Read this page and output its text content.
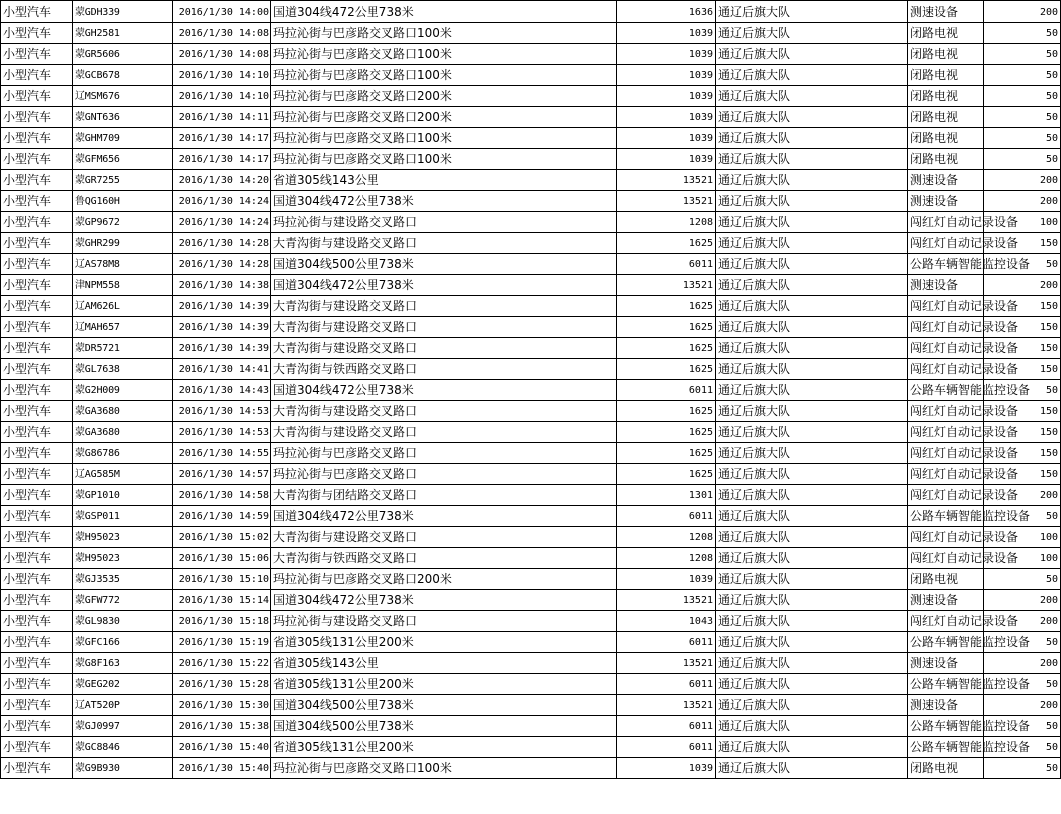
小型汽车	蒙GDH339	2016/1/30 14:00	国道304线472公里738米	1636	通辽后旗大队	测速设备	200	
小型汽车	蒙GH2581	2016/1/30 14:08	玛拉沁街与巴彦路交叉路口100米	1039	通辽后旗大队	闭路电视	50	
小型汽车	蒙GR5606	2016/1/30 14:08	玛拉沁街与巴彦路交叉路口100米	1039	通辽后旗大队	闭路电视	50	
小型汽车	蒙GCB678	2016/1/30 14:10	玛拉沁街与巴彦路交叉路口100米	1039	通辽后旗大队	闭路电视	50	
小型汽车	辽MSM676	2016/1/30 14:10	玛拉沁街与巴彦路交叉路口200米	1039	通辽后旗大队	闭路电视	50	
小型汽车	蒙GNT636	2016/1/30 14:11	玛拉沁街与巴彦路交叉路口200米	1039	通辽后旗大队	闭路电视	50	
小型汽车	蒙GHM709	2016/1/30 14:17	玛拉沁街与巴彦路交叉路口100米	1039	通辽后旗大队	闭路电视	50	
小型汽车	蒙GFM656	2016/1/30 14:17	玛拉沁街与巴彦路交叉路口100米	1039	通辽后旗大队	闭路电视	50	
小型汽车	蒙GR7255	2016/1/30 14:20	省道305线143公里	13521	通辽后旗大队	测速设备	200	
小型汽车	鲁QG160H	2016/1/30 14:24	国道304线472公里738米	13521	通辽后旗大队	测速设备	200	
小型汽车	蒙GP9672	2016/1/30 14:24	玛拉沁街与建设路交叉路口	1208	通辽后旗大队	闯红灯自动记录设备	100	
小型汽车	蒙GHR299	2016/1/30 14:28	大青沟街与建设路交叉路口	1625	通辽后旗大队	闯红灯自动记录设备	150	
小型汽车	辽AS78M8	2016/1/30 14:28	国道304线500公里738米	6011	通辽后旗大队	公路车辆智能监控设备	50	
小型汽车	津NPM558	2016/1/30 14:38	国道304线472公里738米	13521	通辽后旗大队	测速设备	200	
小型汽车	辽AM626L	2016/1/30 14:39	大青沟街与建设路交叉路口	1625	通辽后旗大队	闯红灯自动记录设备	150	
小型汽车	辽MAH657	2016/1/30 14:39	大青沟街与建设路交叉路口	1625	通辽后旗大队	闯红灯自动记录设备	150	
小型汽车	蒙DR5721	2016/1/30 14:39	大青沟街与建设路交叉路口	1625	通辽后旗大队	闯红灯自动记录设备	150	
小型汽车	蒙GL7638	2016/1/30 14:41	大青沟街与铁西路交叉路口	1625	通辽后旗大队	闯红灯自动记录设备	150	
小型汽车	蒙G2H009	2016/1/30 14:43	国道304线472公里738米	6011	通辽后旗大队	公路车辆智能监控设备	50	
小型汽车	蒙GA3680	2016/1/30 14:53	大青沟街与建设路交叉路口	1625	通辽后旗大队	闯红灯自动记录设备	150	
小型汽车	蒙GA3680	2016/1/30 14:53	大青沟街与建设路交叉路口	1625	通辽后旗大队	闯红灯自动记录设备	150	
小型汽车	蒙G86786	2016/1/30 14:55	玛拉沁街与巴彦路交叉路口	1625	通辽后旗大队	闯红灯自动记录设备	150	
小型汽车	辽AG585M	2016/1/30 14:57	玛拉沁街与巴彦路交叉路口	1625	通辽后旗大队	闯红灯自动记录设备	150	
小型汽车	蒙GP1010	2016/1/30 14:58	大青沟街与团结路交叉路口	1301	通辽后旗大队	闯红灯自动记录设备	200	
小型汽车	蒙GSP011	2016/1/30 14:59	国道304线472公里738米	6011	通辽后旗大队	公路车辆智能监控设备	50	
小型汽车	蒙H95023	2016/1/30 15:02	大青沟街与建设路交叉路口	1208	通辽后旗大队	闯红灯自动记录设备	100	
小型汽车	蒙H95023	2016/1/30 15:06	大青沟街与铁西路交叉路口	1208	通辽后旗大队	闯红灯自动记录设备	100	
小型汽车	蒙GJ3535	2016/1/30 15:10	玛拉沁街与巴彦路交叉路口200米	1039	通辽后旗大队	闭路电视	50	
小型汽车	蒙GFW772	2016/1/30 15:14	国道304线472公里738米	13521	通辽后旗大队	测速设备	200	
小型汽车	蒙GL9830	2016/1/30 15:18	玛拉沁街与建设路交叉路口	1043	通辽后旗大队	闯红灯自动记录设备	200	
小型汽车	蒙GFC166	2016/1/30 15:19	省道305线131公里200米	6011	通辽后旗大队	公路车辆智能监控设备	50	
小型汽车	蒙G8F163	2016/1/30 15:22	省道305线143公里	13521	通辽后旗大队	测速设备	200	
小型汽车	蒙GEG202	2016/1/30 15:28	省道305线131公里200米	6011	通辽后旗大队	公路车辆智能监控设备	50	
小型汽车	辽AT520P	2016/1/30 15:30	国道304线500公里738米	13521	通辽后旗大队	测速设备	200	
小型汽车	蒙GJ0997	2016/1/30 15:38	国道304线500公里738米	6011	通辽后旗大队	公路车辆智能监控设备	50	
小型汽车	蒙GC8846	2016/1/30 15:40	省道305线131公里200米	6011	通辽后旗大队	公路车辆智能监控设备	50	
小型汽车	蒙G9B930	2016/1/30 15:40	玛拉沁街与巴彦路交叉路口100米	1039	通辽后旗大队	闭路电视	50	
